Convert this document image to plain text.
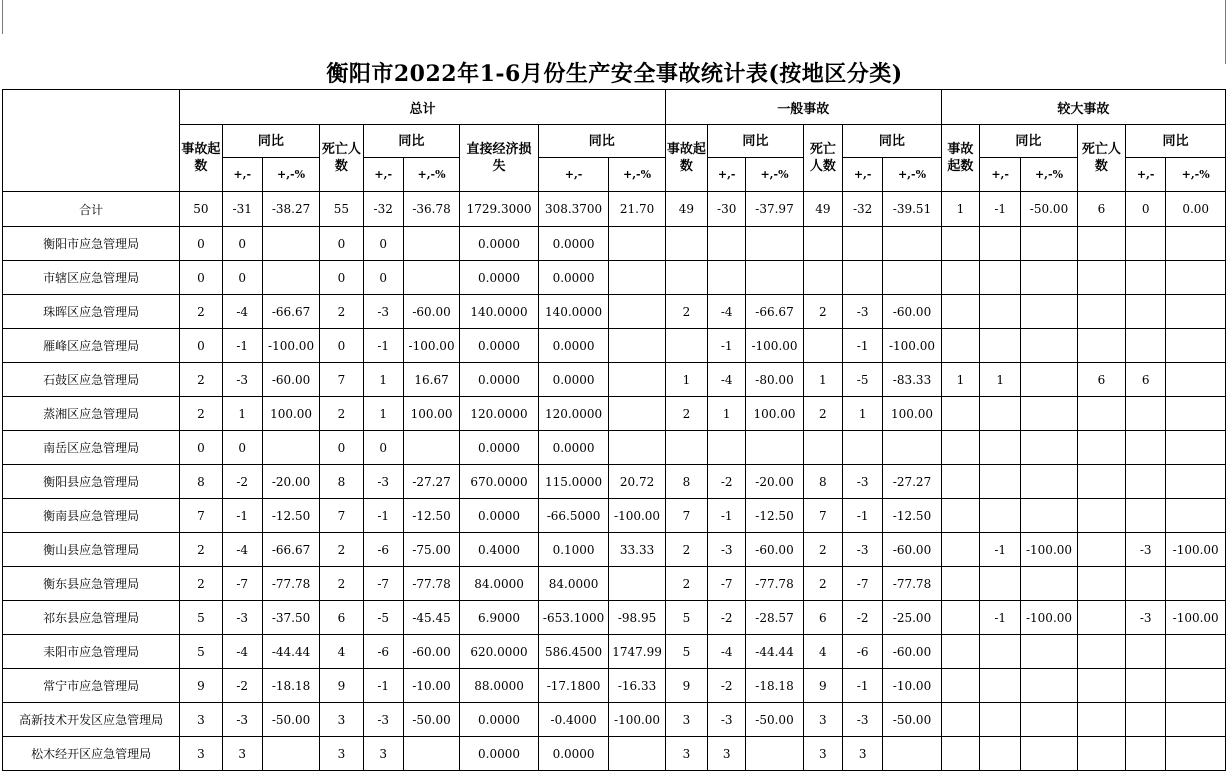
衡阳市2022年1-6月份生产安全事故统计表(按地区分类)
	总计									一般事故						较大事故					
	事故起数	同比		死亡人数	同比		直接经济损失	同比		事故起数	同比		死亡人数	同比		事故起数	同比		死亡人数	同比	
		+,-	+,-%		+,-	+,-%		+,-	+,-%		+,-	+,-%		+,-	+,-%		+,-	+,-%		+,-	+,-%
合计	50	-31	-38.27	55	-32	-36.78	1729.3000	308.3700	21.70	49	-30	-37.97	49	-32	-39.51	1	-1	-50.00	6	0	0.00
衡阳市应急管理局	0	0		0	0		0.0000	0.0000													
市辖区应急管理局	0	0		0	0		0.0000	0.0000													
珠晖区应急管理局	2	-4	-66.67	2	-3	-60.00	140.0000	140.0000		2	-4	-66.67	2	-3	-60.00						
雁峰区应急管理局	0	-1	-100.00	0	-1	-100.00	0.0000	0.0000			-1	-100.00		-1	-100.00						
石鼓区应急管理局	2	-3	-60.00	7	1	16.67	0.0000	0.0000		1	-4	-80.00	1	-5	-83.33	1	1		6	6	
蒸湘区应急管理局	2	1	100.00	2	1	100.00	120.0000	120.0000		2	1	100.00	2	1	100.00						
南岳区应急管理局	0	0		0	0		0.0000	0.0000													
衡阳县应急管理局	8	-2	-20.00	8	-3	-27.27	670.0000	115.0000	20.72	8	-2	-20.00	8	-3	-27.27						
衡南县应急管理局	7	-1	-12.50	7	-1	-12.50	0.0000	-66.5000	-100.00	7	-1	-12.50	7	-1	-12.50						
衡山县应急管理局	2	-4	-66.67	2	-6	-75.00	0.4000	0.1000	33.33	2	-3	-60.00	2	-3	-60.00		-1	-100.00		-3	-100.00
衡东县应急管理局	2	-7	-77.78	2	-7	-77.78	84.0000	84.0000		2	-7	-77.78	2	-7	-77.78						
祁东县应急管理局	5	-3	-37.50	6	-5	-45.45	6.9000	-653.1000	-98.95	5	-2	-28.57	6	-2	-25.00		-1	-100.00		-3	-100.00
耒阳市应急管理局	5	-4	-44.44	4	-6	-60.00	620.0000	586.4500	1747.99	5	-4	-44.44	4	-6	-60.00						
常宁市应急管理局	9	-2	-18.18	9	-1	-10.00	88.0000	-17.1800	-16.33	9	-2	-18.18	9	-1	-10.00						
高新技术开发区应急管理局	3	-3	-50.00	3	-3	-50.00	0.0000	-0.4000	-100.00	3	-3	-50.00	3	-3	-50.00						
松木经开区应急管理局	3	3		3	3		0.0000	0.0000		3	3		3	3							
